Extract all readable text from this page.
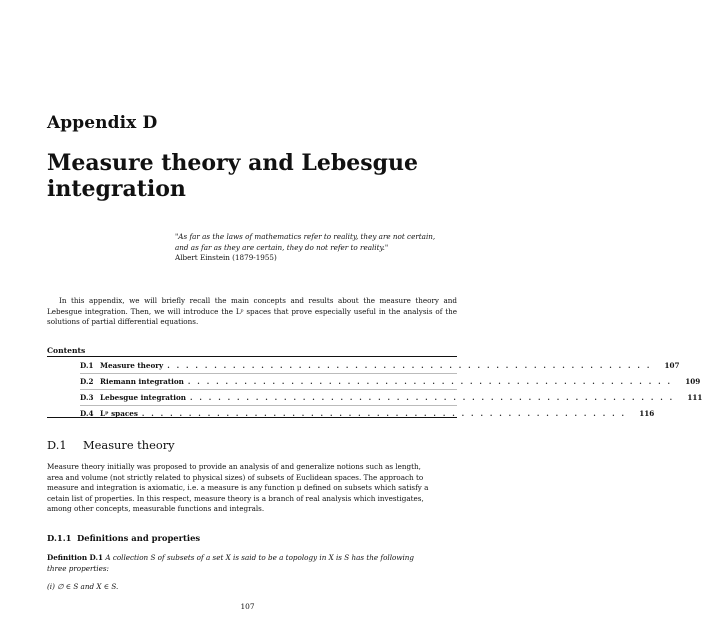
Appendix D
Measure theory and Lebesgue integration
"As far as the laws of mathematics refer to reality, they are not certain,
and as far as they are certain, they do not refer to reality."
Albert Einstein (1879-1955)

In this appendix, we will briefly recall the main concepts and results about the measure theory and Lebesgue integration. Then, we will introduce the Lᵖ spaces that prove especially useful in the analysis of the solutions of partial differential equations.

Contents
D.1 Measure theory . . . . . . . . . . . . . . . . . . . . . . . . . . . . . . . . . . . . . . . . . . . . . . . . . . . .	107
D.2 Riemann integration . . . . . . . . . . . . . . . . . . . . . . . . . . . . . . . . . . . . . . . . . . . . . . . . . . . .	109
D.3 Lebesgue integration . . . . . . . . . . . . . . . . . . . . . . . . . . . . . . . . . . . . . . . . . . . . . . . . . . . .	111
D.4 Lᵖ spaces . . . . . . . . . . . . . . . . . . . . . . . . . . . . . . . . . . . . . . . . . . . . . . . . . . . .	116
D.1 Measure theory
Measure theory initially was proposed to provide an analysis of and generalize notions such as length,
area and volume (not strictly related to physical sizes) of subsets of Euclidean spaces. The approach to
measure and integration is axiomatic, i.e. a measure is any function μ defined on subsets which satisfy a
cetain list of properties. In this respect, measure theory is a branch of real analysis which investigates,
among other concepts, measurable functions and integrals.
D.1.1 Definitions and properties
Definition D.1 A collection S of subsets of a set X is said to be a topology in X is S has the following
three properties:
(i) ∅ ∈ S and X ∈ S.
107
